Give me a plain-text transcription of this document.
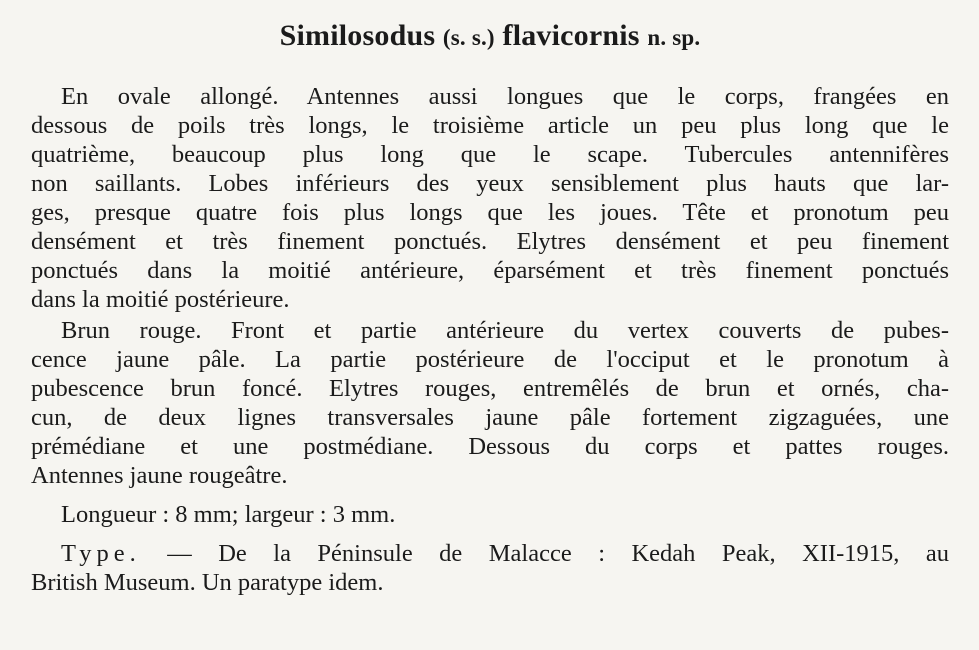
Similosodus (s. s.) flavicornis n. sp.
En ovale allongé. Antennes aussi longues que le corps, frangées en
dessous de poils très longs, le troisième article un peu plus long que le
quatrième, beaucoup plus long que le scape. Tubercules antennifères
non saillants. Lobes inférieurs des yeux sensiblement plus hauts que lar-
ges, presque quatre fois plus longs que les joues. Tête et pronotum peu
densément et très finement ponctués. Elytres densément et peu finement
ponctués dans la moitié antérieure, éparsément et très finement ponctués
dans la moitié postérieure.
Brun rouge. Front et partie antérieure du vertex couverts de pubes-
cence jaune pâle. La partie postérieure de l'occiput et le pronotum à
pubescence brun foncé. Elytres rouges, entremêlés de brun et ornés, cha-
cun, de deux lignes transversales jaune pâle fortement zigzaguées, une
prémédiane et une postmédiane. Dessous du corps et pattes rouges.
Antennes jaune rougeâtre.
Longueur : 8 mm; largeur : 3 mm.
Type. — De la Péninsule de Malacce : Kedah Peak, XII-1915, au
British Museum. Un paratype idem.
